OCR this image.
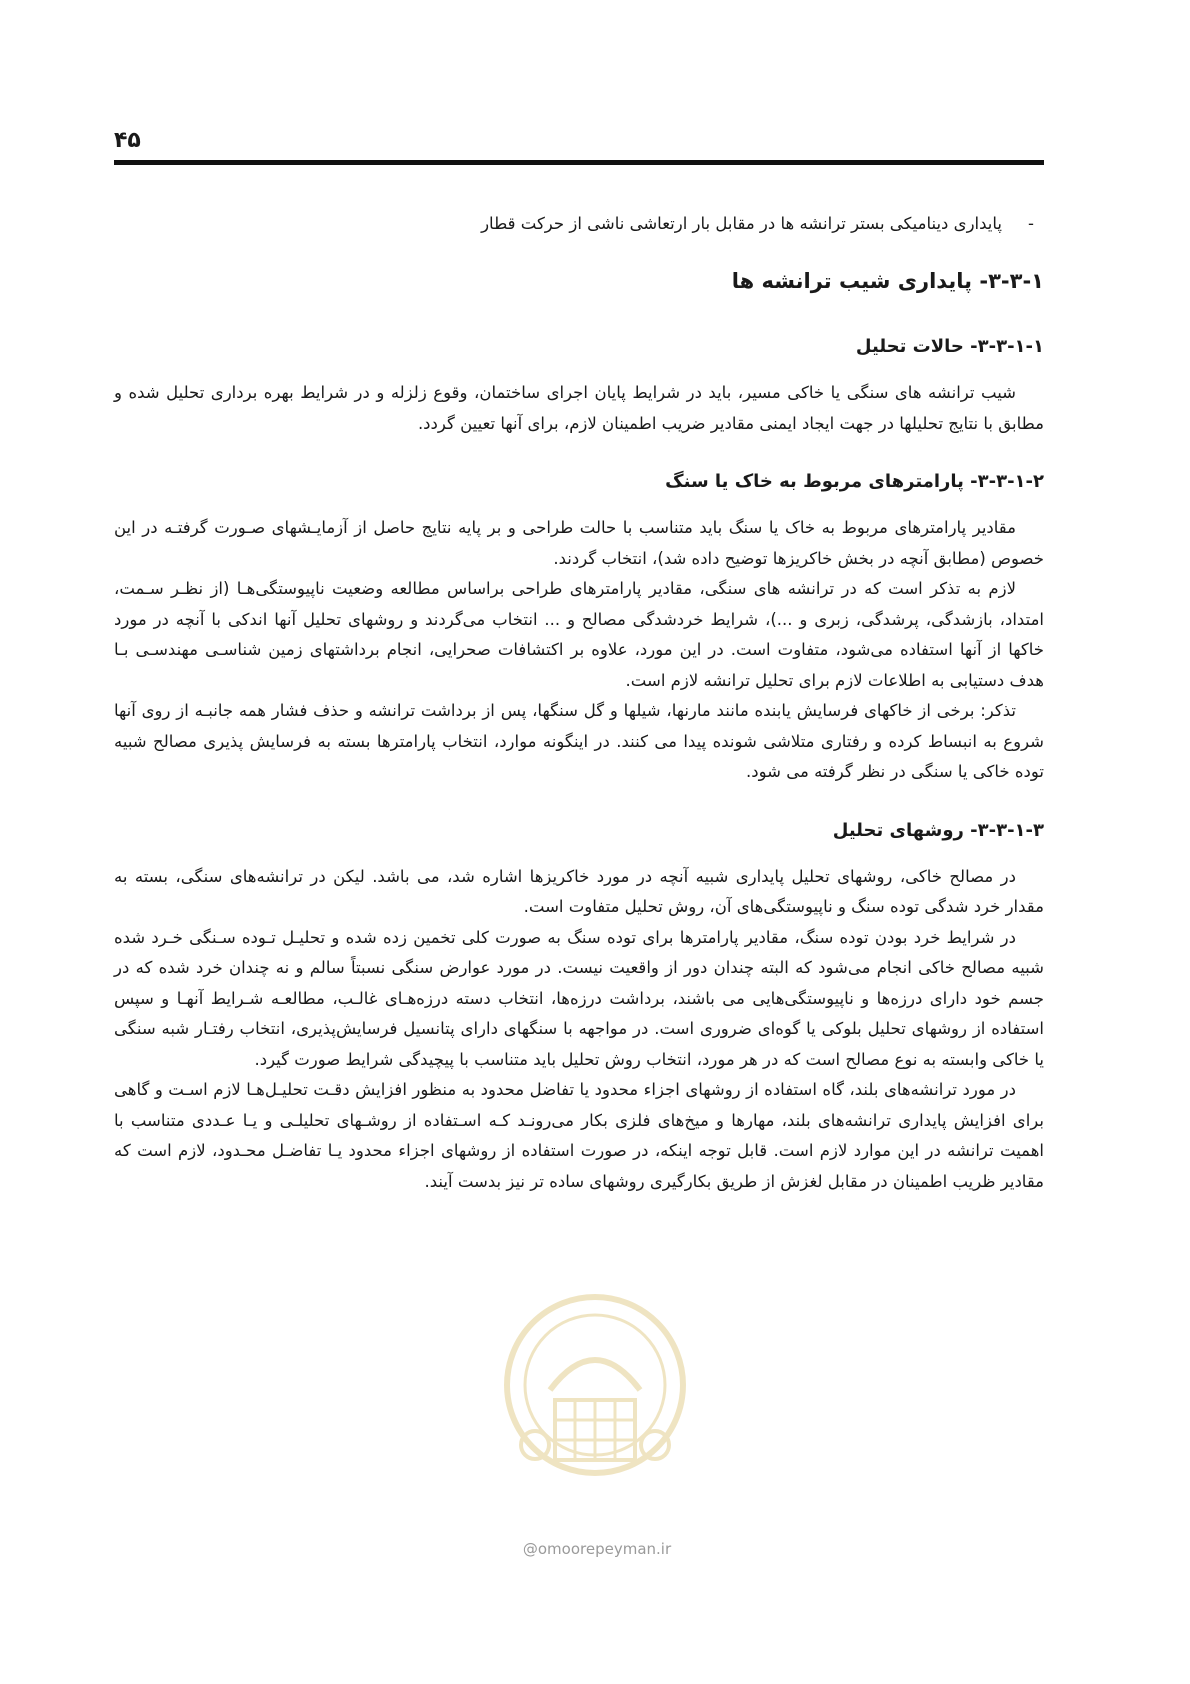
۴۵
-
پایداری دینامیکی بستر ترانشه ها در مقابل بار ارتعاشی ناشی از حرکت قطار
۳-۳-۱- پایداری شیب ترانشه ها
۳-۳-۱-۱- حالات تحلیل

شیب ترانشه های سنگی یا خاکی مسیر، باید در شرایط پایان اجرای ساختمان، وقوع زلزله و در شرایط بهره برداری تحلیل شده و مطابق با نتایج تحلیلها در جهت ایجاد ایمنی مقادیر ضریب اطمینان لازم، برای آنها تعیین گردد.

۳-۳-۱-۲- پارامترهای مربوط به خاک یا سنگ

مقادیر پارامترهای مربوط به خاک یا سنگ باید متناسب با حالت طراحی و بر پایه نتایج حاصل از آزمایـشهای صـورت گرفتـه در این خصوص (مطابق آنچه در بخش خاکریزها توضیح داده شد)، انتخاب گردند.

لازم به تذکر است که در ترانشه های سنگی، مقادیر پارامترهای طراحی براساس مطالعه وضعیت ناپیوستگی‌هـا (از نظـر سـمت، امتداد، بازشدگی، پرشدگی، زبری و ...)، شرایط خردشدگی مصالح و ... انتخاب می‌گردند و روشهای تحلیل آنها اندکی با آنچه در مورد خاکها از آنها استفاده می‌شود، متفاوت است. در این مورد، علاوه بر اکتشافات صحرایی، انجام برداشتهای زمین شناسـی مهندسـی بـا هدف دستیابی به اطلاعات لازم برای تحلیل ترانشه لازم است.

تذکر: برخی از خاکهای فرسایش یابنده مانند مارنها، شیلها و گل سنگها، پس از برداشت ترانشه و حذف فشار همه جانبـه از روی آنها شروع به انبساط کرده و رفتاری متلاشی شونده پیدا می کنند. در اینگونه موارد، انتخاب پارامترها بسته به فرسایش پذیری مصالح شبیه توده خاکی یا سنگی در نظر گرفته می شود.

۳-۳-۱-۳- روشهای تحلیل

در مصالح خاکی، روشهای تحلیل پایداری شبیه آنچه در مورد خاکریزها اشاره شد، می باشد. لیکن در ترانشه‌های سنگی، بسته به مقدار خرد شدگی توده سنگ و ناپیوستگی‌های آن، روش تحلیل متفاوت است.

در شرایط خرد بودن توده سنگ، مقادیر پارامترها برای توده سنگ به صورت کلی تخمین زده شده و تحلیـل تـوده سـنگی خـرد شده شبیه مصالح خاکی انجام می‌شود که البته چندان دور از واقعیت نیست. در مورد عوارض سنگی نسبتاً سالم و نه چندان خرد شده که در جسم خود دارای درزه‌ها و ناپیوستگی‌هایی می باشند، برداشت درزه‌ها، انتخاب دسته درزه‌هـای غالـب، مطالعـه شـرایط آنهـا و سپس استفاده از روشهای تحلیل بلوکی یا گوه‌ای ضروری است. در مواجهه با سنگهای دارای پتانسیل فرسایش‌پذیری، انتخاب رفتـار شبه سنگی یا خاکی وابسته به نوع مصالح است که در هر مورد، انتخاب روش تحلیل باید متناسب با پیچیدگی شرایط صورت گیرد.

در مورد ترانشه‌های بلند، گاه استفاده از روشهای اجزاء محدود یا تفاضل محدود به منظور افزایش دقـت تحلیـل‌هـا لازم اسـت و گاهی برای افزایش پایداری ترانشه‌های بلند، مهارها و میخ‌های فلزی بکار می‌رونـد کـه اسـتفاده از روشـهای تحلیلـی و یـا عـددی متناسب با اهمیت ترانشه در این موارد لازم است. قابل توجه اینکه، در صورت استفاده از روشهای اجزاء محدود یـا تفاضـل محـدود، لازم است که مقادیر ظریب اطمینان در مقابل لغزش از طریق بکارگیری روشهای ساده تر نیز بدست آیند.

@omoorepeyman.ir
